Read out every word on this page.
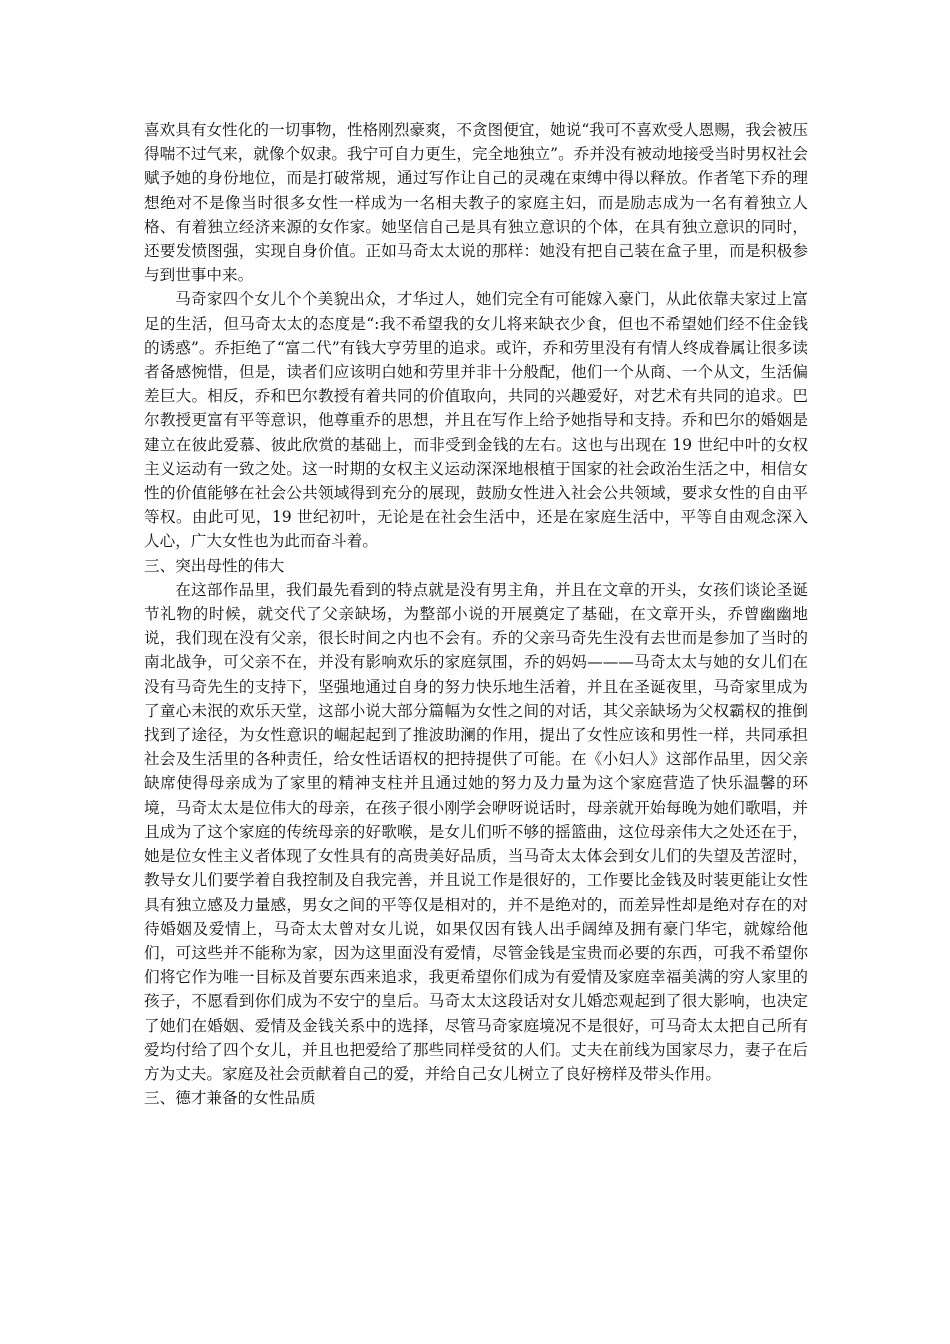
喜欢具有女性化的一切事物，性格刚烈豪爽，不贪图便宜，她说“我可不喜欢受人恩赐，我会被压得喘不过气来，就像个奴隶。我宁可自力更生，完全地独立”。乔并没有被动地接受当时男权社会赋予她的身份地位，而是打破常规，通过写作让自己的灵魂在束缚中得以释放。作者笔下乔的理想绝对不是像当时很多女性一样成为一名相夫教子的家庭主妇，而是励志成为一名有着独立人格、有着独立经济来源的女作家。她坚信自己是具有独立意识的个体，在具有独立意识的同时，还要发愤图强，实现自身价值。正如马奇太太说的那样：她没有把自己装在盒子里，而是积极参与到世事中来。

马奇家四个女儿个个美貌出众，才华过人，她们完全有可能嫁入豪门，从此依靠夫家过上富足的生活，但马奇太太的态度是“:我不希望我的女儿将来缺衣少食，但也不希望她们经不住金钱的诱惑”。乔拒绝了“富二代”有钱大亨劳里的追求。或许，乔和劳里没有有情人终成眷属让很多读者备感惋惜，但是，读者们应该明白她和劳里并非十分般配，他们一个从商、一个从文，生活偏差巨大。相反，乔和巴尔教授有着共同的价值取向，共同的兴趣爱好，对艺术有共同的追求。巴尔教授更富有平等意识，他尊重乔的思想，并且在写作上给予她指导和支持。乔和巴尔的婚姻是建立在彼此爱慕、彼此欣赏的基础上，而非受到金钱的左右。这也与出现在 19 世纪中叶的女权主义运动有一致之处。这一时期的女权主义运动深深地根植于国家的社会政治生活之中，相信女性的价值能够在社会公共领域得到充分的展现，鼓励女性进入社会公共领域，要求女性的自由平等权。由此可见，19 世纪初叶，无论是在社会生活中，还是在家庭生活中，平等自由观念深入人心，广大女性也为此而奋斗着。

三、突出母性的伟大

在这部作品里，我们最先看到的特点就是没有男主角，并且在文章的开头，女孩们谈论圣诞节礼物的时候，就交代了父亲缺场，为整部小说的开展奠定了基础，在文章开头，乔曾幽幽地说，我们现在没有父亲，很长时间之内也不会有。乔的父亲马奇先生没有去世而是参加了当时的南北战争，可父亲不在，并没有影响欢乐的家庭氛围，乔的妈妈———马奇太太与她的女儿们在没有马奇先生的支持下，坚强地通过自身的努力快乐地生活着，并且在圣诞夜里，马奇家里成为了童心未泯的欢乐天堂，这部小说大部分篇幅为女性之间的对话，其父亲缺场为父权霸权的推倒找到了途径，为女性意识的崛起起到了推波助澜的作用，提出了女性应该和男性一样，共同承担社会及生活里的各种责任，给女性话语权的把持提供了可能。在《小妇人》这部作品里，因父亲缺席使得母亲成为了家里的精神支柱并且通过她的努力及力量为这个家庭营造了快乐温馨的环境，马奇太太是位伟大的母亲，在孩子很小刚学会咿呀说话时，母亲就开始每晚为她们歌唱，并且成为了这个家庭的传统母亲的好歌喉，是女儿们听不够的摇篮曲，这位母亲伟大之处还在于，她是位女性主义者体现了女性具有的高贵美好品质，当马奇太太体会到女儿们的失望及苦涩时，教导女儿们要学着自我控制及自我完善，并且说工作是很好的，工作要比金钱及时装更能让女性具有独立感及力量感，男女之间的平等仅是相对的，并不是绝对的，而差异性却是绝对存在的对待婚姻及爱情上，马奇太太曾对女儿说，如果仅因有钱人出手阔绰及拥有豪门华宅，就嫁给他们，可这些并不能称为家，因为这里面没有爱情，尽管金钱是宝贵而必要的东西，可我不希望你们将它作为唯一目标及首要东西来追求，我更希望你们成为有爱情及家庭幸福美满的穷人家里的孩子，不愿看到你们成为不安宁的皇后。马奇太太这段话对女儿婚恋观起到了很大影响，也决定了她们在婚姻、爱情及金钱关系中的选择，尽管马奇家庭境况不是很好，可马奇太太把自己所有爱均付给了四个女儿，并且也把爱给了那些同样受贫的人们。丈夫在前线为国家尽力，妻子在后方为丈夫。家庭及社会贡献着自己的爱，并给自己女儿树立了良好榜样及带头作用。

三、德才兼备的女性品质
